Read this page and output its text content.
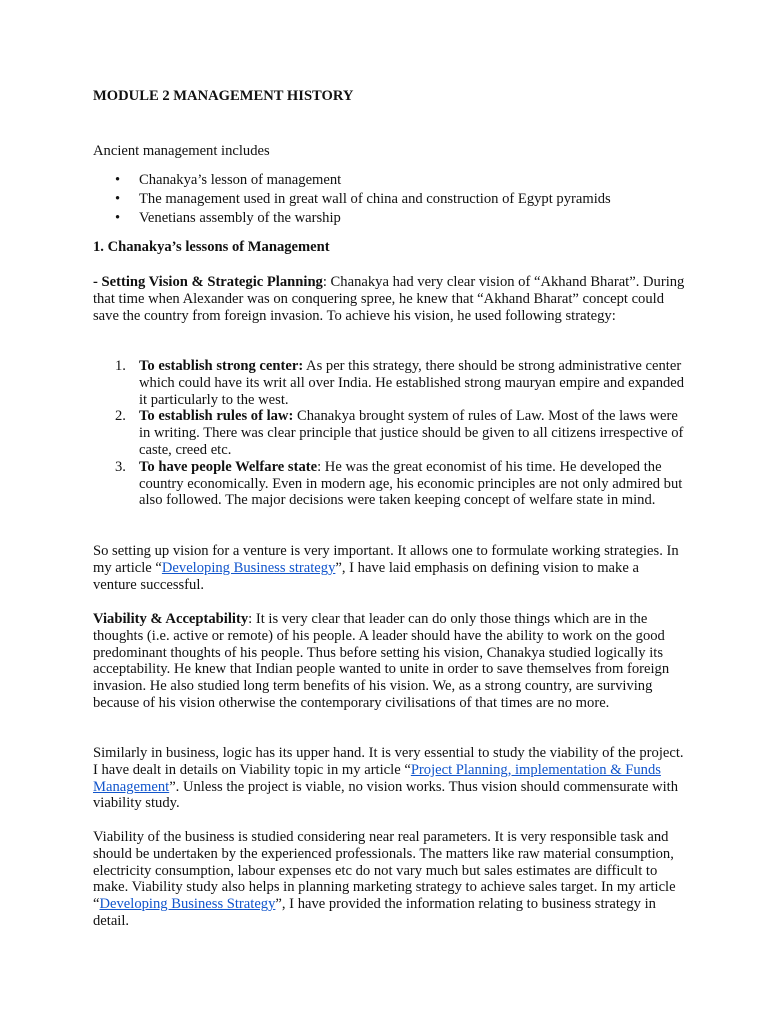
MODULE 2 MANAGEMENT HISTORY

Ancient management includes

• Chanakya’s lesson of management
• The management used in great wall of china and construction of Egypt pyramids
• Venetians assembly of the warship
1. Chanakya’s lessons of Management

- Setting Vision & Strategic Planning: Chanakya had very clear vision of “Akhand Bharat”. During that time when Alexander was on conquering spree, he knew that “Akhand Bharat” concept could save the country from foreign invasion. To achieve his vision, he used following strategy:

1. To establish strong center: As per this strategy, there should be strong administrative center which could have its writ all over India. He established strong mauryan empire and expanded it particularly to the west.
2. To establish rules of law: Chanakya brought system of rules of Law. Most of the laws were in writing. There was clear principle that justice should be given to all citizens irrespective of caste, creed etc.
3. To have people Welfare state: He was the great economist of his time. He developed the country economically. Even in modern age, his economic principles are not only admired but also followed. The major decisions were taken keeping concept of welfare state in mind.

So setting up vision for a venture is very important. It allows one to formulate working strategies. In my article “Developing Business strategy”, I have laid emphasis on defining vision to make a venture successful.

Viability & Acceptability: It is very clear that leader can do only those things which are in the thoughts (i.e. active or remote) of his people. A leader should have the ability to work on the good predominant thoughts of his people. Thus before setting his vision, Chanakya studied logically its acceptability. He knew that Indian people wanted to unite in order to save themselves from foreign invasion. He also studied long term benefits of his vision. We, as a strong country, are surviving because of his vision otherwise the contemporary civilisations of that times are no more.

Similarly in business, logic has its upper hand. It is very essential to study the viability of the project. I have dealt in details on Viability topic in my article “Project Planning, implementation & Funds Management”. Unless the project is viable, no vision works. Thus vision should commensurate with viability study.

Viability of the business is studied considering near real parameters. It is very responsible task and should be undertaken by the experienced professionals. The matters like raw material consumption, electricity consumption, labour expenses etc do not vary much but sales estimates are difficult to make. Viability study also helps in planning marketing strategy to achieve sales target. In my article “Developing Business Strategy”, I have provided the information relating to business strategy in detail.
